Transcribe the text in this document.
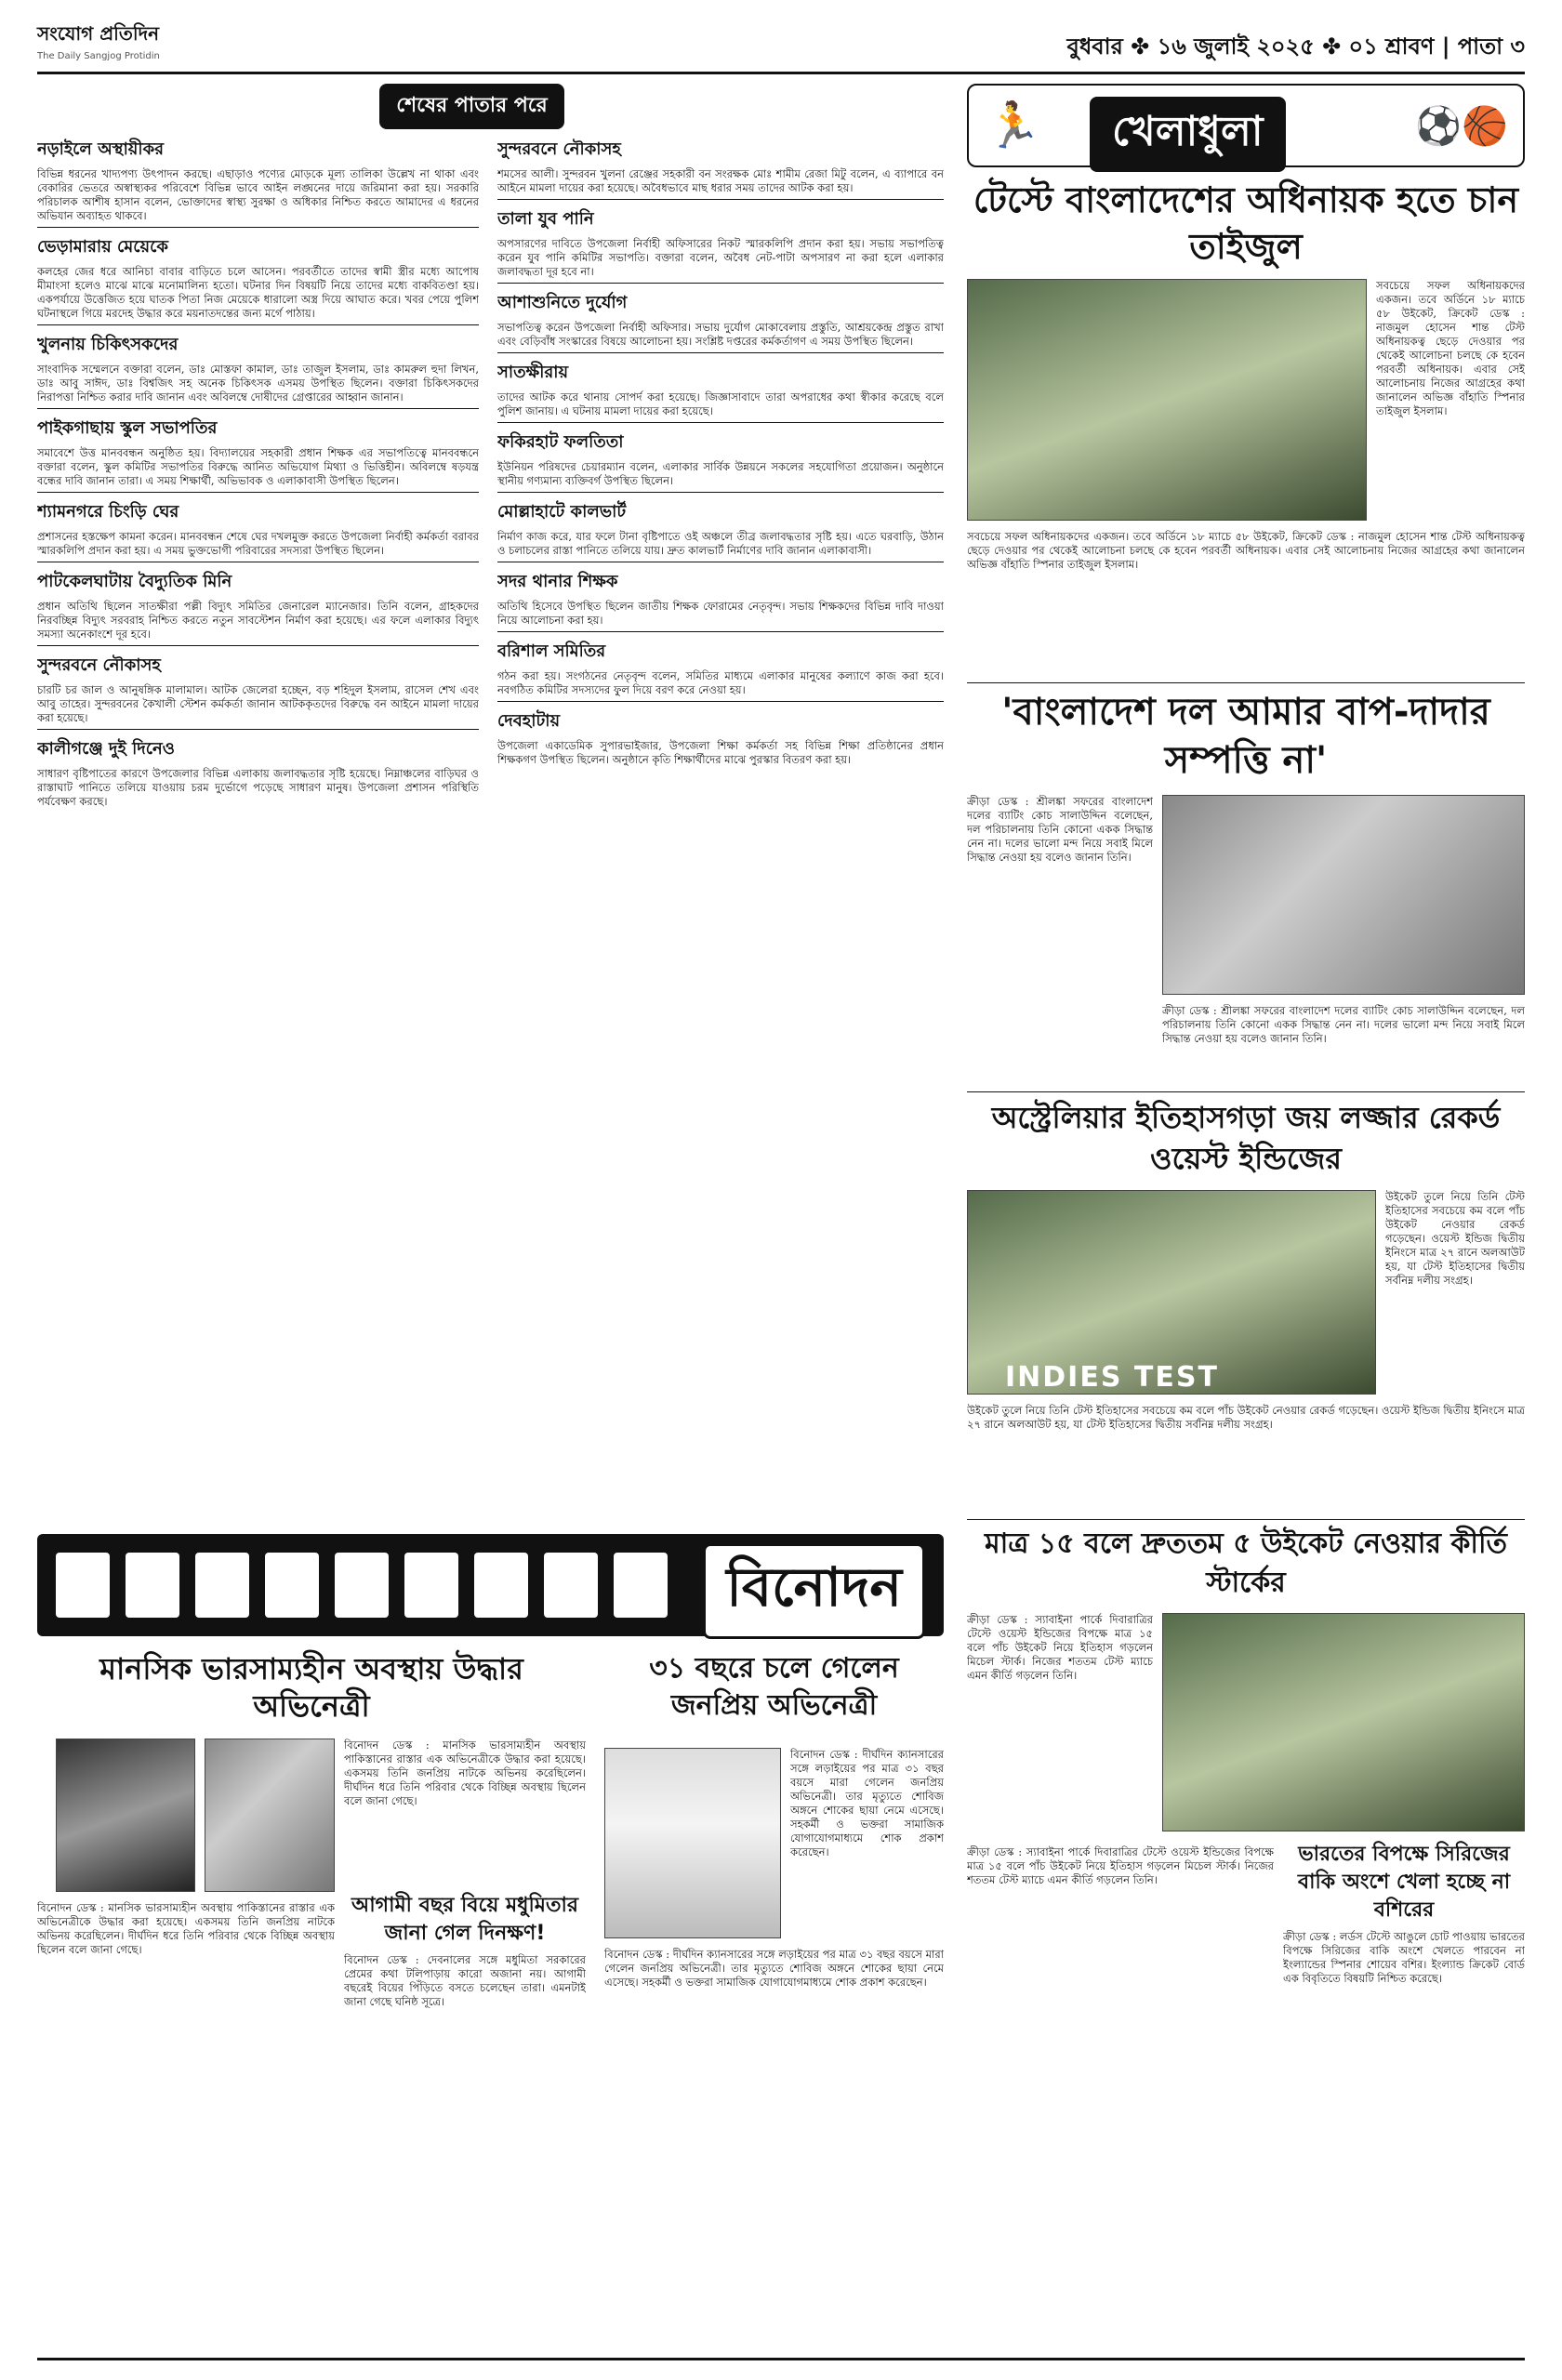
সংযোগ প্রতিদিন
The Daily Sangjog Protidin	বুধবার ✤ ১৬ জুলাই ২০২৫ ✤ ০১ শ্রাবণ | পাতা ৩
শেষের পাতার পরে
নড়াইলে অস্থায়ীকর
বিভিন্ন ধরনের খাদ্যপণ্য উৎপাদন করছে। এছাড়াও পণ্যের মোড়কে মূল্য তালিকা উল্লেখ না থাকা এবং বেকারির ভেতরে অস্বাস্থ্যকর পরিবেশে বিভিন্ন ভাবে আইন লঙ্ঘনের দায়ে জরিমানা করা হয়। সরকারি পরিচালক আশীষ হাসান বলেন, ভোক্তাদের স্বাস্থ্য সুরক্ষা ও অধিকার নিশ্চিত করতে আমাদের এ ধরনের অভিযান অব্যাহত থাকবে।
ভেড়ামারায় মেয়েকে
কলহের জের ধরে আনিচা বাবার বাড়িতে চলে আসেন। পরবর্তীতে তাদের স্বামী স্ত্রীর মধ্যে আপোষ মীমাংসা হলেও মাঝে মাঝে মনোমালিন্য হতো। ঘটনার দিন বিষয়টি নিয়ে তাদের মধ্যে বাকবিতণ্ডা হয়। একপর্যায়ে উত্তেজিত হয়ে ঘাতক পিতা নিজ মেয়েকে ধারালো অস্ত্র দিয়ে আঘাত করে। খবর পেয়ে পুলিশ ঘটনাস্থলে গিয়ে মরদেহ উদ্ধার করে ময়নাতদন্তের জন্য মর্গে পাঠায়।
খুলনায় চিকিৎসকদের
সাংবাদিক সম্মেলনে বক্তারা বলেন, ডাঃ মোস্তফা কামাল, ডাঃ তাজুল ইসলাম, ডাঃ কামরুল হুদা লিখন, ডাঃ আবু সাঈদ, ডাঃ বিশ্বজিৎ সহ অনেক চিকিৎসক এসময় উপস্থিত ছিলেন। বক্তারা চিকিৎসকদের নিরাপত্তা নিশ্চিত করার দাবি জানান এবং অবিলম্বে দোষীদের গ্রেপ্তারের আহ্বান জানান।
পাইকগাছায় স্কুল সভাপতির
সমাবেশে উত্ত মানববন্ধন অনুষ্ঠিত হয়। বিদ্যালয়ের সহকারী প্রধান শিক্ষক এর সভাপতিত্বে মানববন্ধনে বক্তারা বলেন, স্কুল কমিটির সভাপতির বিরুদ্ধে আনিত অভিযোগ মিথ্যা ও ভিত্তিহীন। অবিলম্বে ষড়যন্ত্র বন্ধের দাবি জানান তারা। এ সময় শিক্ষার্থী, অভিভাবক ও এলাকাবাসী উপস্থিত ছিলেন।
শ্যামনগরে চিংড়ি ঘের
প্রশাসনের হস্তক্ষেপ কামনা করেন। মানববন্ধন শেষে ঘের দখলমুক্ত করতে উপজেলা নির্বাহী কর্মকর্তা বরাবর স্মারকলিপি প্রদান করা হয়। এ সময় ভুক্তভোগী পরিবারের সদস্যরা উপস্থিত ছিলেন।
পাটকেলঘাটায় বৈদ্যুতিক মিনি
প্রধান অতিথি ছিলেন সাতক্ষীরা পল্লী বিদ্যুৎ সমিতির জেনারেল ম্যানেজার। তিনি বলেন, গ্রাহকদের নিরবচ্ছিন্ন বিদ্যুৎ সরবরাহ নিশ্চিত করতে নতুন সাবস্টেশন নির্মাণ করা হয়েছে। এর ফলে এলাকার বিদ্যুৎ সমস্যা অনেকাংশে দূর হবে।
সুন্দরবনে নৌকাসহ
চারটি চর জাল ও আনুষঙ্গিক মালামাল। আটক জেলেরা হচ্ছেন, বড় শহিদুল ইসলাম, রাসেল শেখ এবং আবু তাহের। সুন্দরবনের কৈখালী স্টেশন কর্মকর্তা জানান আটককৃতদের বিরুদ্ধে বন আইনে মামলা দায়ের করা হয়েছে।
কালীগঞ্জে দুই দিনেও
সাধারণ বৃষ্টিপাতের কারণে উপজেলার বিভিন্ন এলাকায় জলাবদ্ধতার সৃষ্টি হয়েছে। নিম্নাঞ্চলের বাড়িঘর ও রাস্তাঘাট পানিতে তলিয়ে যাওয়ায় চরম দুর্ভোগে পড়েছে সাধারণ মানুষ। উপজেলা প্রশাসন পরিস্থিতি পর্যবেক্ষণ করছে।
সুন্দরবনে নৌকাসহ
শমসের আলী। সুন্দরবন খুলনা রেঞ্জের সহকারী বন সংরক্ষক মোঃ শামীম রেজা মিটু বলেন, এ ব্যাপারে বন আইনে মামলা দায়ের করা হয়েছে। অবৈধভাবে মাছ ধরার সময় তাদের আটক করা হয়।
তালা যুব পানি
অপসারণের দাবিতে উপজেলা নির্বাহী অফিসারের নিকট স্মারকলিপি প্রদান করা হয়। সভায় সভাপতিত্ব করেন যুব পানি কমিটির সভাপতি। বক্তারা বলেন, অবৈধ নেট-পাটা অপসারণ না করা হলে এলাকার জলাবদ্ধতা দূর হবে না।
আশাশুনিতে দুর্যোগ
সভাপতিত্ব করেন উপজেলা নির্বাহী অফিসার। সভায় দুর্যোগ মোকাবেলায় প্রস্তুতি, আশ্রয়কেন্দ্র প্রস্তুত রাখা এবং বেড়িবাঁধ সংস্কারের বিষয়ে আলোচনা হয়। সংশ্লিষ্ট দপ্তরের কর্মকর্তাগণ এ সময় উপস্থিত ছিলেন।
সাতক্ষীরায়
তাদের আটক করে থানায় সোপর্দ করা হয়েছে। জিজ্ঞাসাবাদে তারা অপরাধের কথা স্বীকার করেছে বলে পুলিশ জানায়। এ ঘটনায় মামলা দায়ের করা হয়েছে।
ফকিরহাট ফলতিতা
ইউনিয়ন পরিষদের চেয়ারম্যান বলেন, এলাকার সার্বিক উন্নয়নে সকলের সহযোগিতা প্রয়োজন। অনুষ্ঠানে স্থানীয় গণ্যমান্য ব্যক্তিবর্গ উপস্থিত ছিলেন।
মোল্লাহাটে কালভার্ট
নির্মাণ কাজ করে, যার ফলে টানা বৃষ্টিপাতে ওই অঞ্চলে তীব্র জলাবদ্ধতার সৃষ্টি হয়। এতে ঘরবাড়ি, উঠান ও চলাচলের রাস্তা পানিতে তলিয়ে যায়। দ্রুত কালভার্ট নির্মাণের দাবি জানান এলাকাবাসী।
সদর থানার শিক্ষক
অতিথি হিসেবে উপস্থিত ছিলেন জাতীয় শিক্ষক ফোরামের নেতৃবৃন্দ। সভায় শিক্ষকদের বিভিন্ন দাবি দাওয়া নিয়ে আলোচনা করা হয়।
বরিশাল সমিতির
গঠন করা হয়। সংগঠনের নেতৃবৃন্দ বলেন, সমিতির মাধ্যমে এলাকার মানুষের কল্যাণে কাজ করা হবে। নবগঠিত কমিটির সদস্যদের ফুল দিয়ে বরণ করে নেওয়া হয়।
দেবহাটায়
উপজেলা একাডেমিক সুপারভাইজার, উপজেলা শিক্ষা কর্মকর্তা সহ বিভিন্ন শিক্ষা প্রতিষ্ঠানের প্রধান শিক্ষকগণ উপস্থিত ছিলেন। অনুষ্ঠানে কৃতি শিক্ষার্থীদের মাঝে পুরস্কার বিতরণ করা হয়।
বিনোদন
মানসিক ভারসাম্যহীন অবস্থায় উদ্ধার অভিনেত্রী
বিনোদন ডেস্ক : মানসিক ভারসাম্যহীন অবস্থায় পাকিস্তানের রাস্তার এক অভিনেত্রীকে উদ্ধার করা হয়েছে। একসময় তিনি জনপ্রিয় নাটকে অভিনয় করেছিলেন। দীর্ঘদিন ধরে তিনি পরিবার থেকে বিচ্ছিন্ন অবস্থায় ছিলেন বলে জানা গেছে।
বিনোদন ডেস্ক : মানসিক ভারসাম্যহীন অবস্থায় পাকিস্তানের রাস্তার এক অভিনেত্রীকে উদ্ধার করা হয়েছে। একসময় তিনি জনপ্রিয় নাটকে অভিনয় করেছিলেন। দীর্ঘদিন ধরে তিনি পরিবার থেকে বিচ্ছিন্ন অবস্থায় ছিলেন বলে জানা গেছে।
আগামী বছর বিয়ে মধুমিতার জানা গেল দিনক্ষণ!
বিনোদন ডেস্ক : দেবনালের সঙ্গে মধুমিতা সরকারের প্রেমের কথা টলিপাড়ায় কারো অজানা নয়। আগামী বছরেই বিয়ের পিঁড়িতে বসতে চলেছেন তারা। এমনটাই জানা গেছে ঘনিষ্ঠ সূত্রে।
৩১ বছরে চলে গেলেন জনপ্রিয় অভিনেত্রী
বিনোদন ডেস্ক : দীর্ঘদিন ক্যানসারের সঙ্গে লড়াইয়ের পর মাত্র ৩১ বছর বয়সে মারা গেলেন জনপ্রিয় অভিনেত্রী। তার মৃত্যুতে শোবিজ অঙ্গনে শোকের ছায়া নেমে এসেছে। সহকর্মী ও ভক্তরা সামাজিক যোগাযোগমাধ্যমে শোক প্রকাশ করেছেন।
বিনোদন ডেস্ক : দীর্ঘদিন ক্যানসারের সঙ্গে লড়াইয়ের পর মাত্র ৩১ বছর বয়সে মারা গেলেন জনপ্রিয় অভিনেত্রী। তার মৃত্যুতে শোবিজ অঙ্গনে শোকের ছায়া নেমে এসেছে। সহকর্মী ও ভক্তরা সামাজিক যোগাযোগমাধ্যমে শোক প্রকাশ করেছেন।
🏃	খেলাধুলা	⚽🏀
টেস্টে বাংলাদেশের অধিনায়ক হতে চান তাইজুল
সবচেয়ে সফল অধিনায়কদের একজন। তবে অর্ডিনে ১৮ ম্যাচে ৫৮ উইকেট, ক্রিকেট ডেস্ক : নাজমুল হোসেন শান্ত টেস্ট অধিনায়কত্ব ছেড়ে দেওয়ার পর থেকেই আলোচনা চলছে কে হবেন পরবর্তী অধিনায়ক। এবার সেই আলোচনায় নিজের আগ্রহের কথা জানালেন অভিজ্ঞ বাঁহাতি স্পিনার তাইজুল ইসলাম।
সবচেয়ে সফল অধিনায়কদের একজন। তবে অর্ডিনে ১৮ ম্যাচে ৫৮ উইকেট, ক্রিকেট ডেস্ক : নাজমুল হোসেন শান্ত টেস্ট অধিনায়কত্ব ছেড়ে দেওয়ার পর থেকেই আলোচনা চলছে কে হবেন পরবর্তী অধিনায়ক। এবার সেই আলোচনায় নিজের আগ্রহের কথা জানালেন অভিজ্ঞ বাঁহাতি স্পিনার তাইজুল ইসলাম।
'বাংলাদেশ দল আমার বাপ-দাদার সম্পত্তি না'
ক্রীড়া ডেস্ক : শ্রীলঙ্কা সফরের বাংলাদেশ দলের ব্যাটিং কোচ সালাউদ্দিন বলেছেন, দল পরিচালনায় তিনি কোনো একক সিদ্ধান্ত নেন না। দলের ভালো মন্দ নিয়ে সবাই মিলে সিদ্ধান্ত নেওয়া হয় বলেও জানান তিনি।
ক্রীড়া ডেস্ক : শ্রীলঙ্কা সফরের বাংলাদেশ দলের ব্যাটিং কোচ সালাউদ্দিন বলেছেন, দল পরিচালনায় তিনি কোনো একক সিদ্ধান্ত নেন না। দলের ভালো মন্দ নিয়ে সবাই মিলে সিদ্ধান্ত নেওয়া হয় বলেও জানান তিনি।
অস্ট্রেলিয়ার ইতিহাসগড়া জয় লজ্জার রেকর্ড ওয়েস্ট ইন্ডিজের
INDIES TEST
উইকেট তুলে নিয়ে তিনি টেস্ট ইতিহাসের সবচেয়ে কম বলে পাঁচ উইকেট নেওয়ার রেকর্ড গড়েছেন। ওয়েস্ট ইন্ডিজ দ্বিতীয় ইনিংসে মাত্র ২৭ রানে অলআউট হয়, যা টেস্ট ইতিহাসের দ্বিতীয় সর্বনিম্ন দলীয় সংগ্রহ।
উইকেট তুলে নিয়ে তিনি টেস্ট ইতিহাসের সবচেয়ে কম বলে পাঁচ উইকেট নেওয়ার রেকর্ড গড়েছেন। ওয়েস্ট ইন্ডিজ দ্বিতীয় ইনিংসে মাত্র ২৭ রানে অলআউট হয়, যা টেস্ট ইতিহাসের দ্বিতীয় সর্বনিম্ন দলীয় সংগ্রহ।
মাত্র ১৫ বলে দ্রুততম ৫ উইকেট নেওয়ার কীর্তি স্টার্কের
ক্রীড়া ডেস্ক : স্যাবাইনা পার্কে দিবারাত্রির টেস্টে ওয়েস্ট ইন্ডিজের বিপক্ষে মাত্র ১৫ বলে পাঁচ উইকেট নিয়ে ইতিহাস গড়লেন মিচেল স্টার্ক। নিজের শততম টেস্ট ম্যাচে এমন কীর্তি গড়লেন তিনি।
ক্রীড়া ডেস্ক : স্যাবাইনা পার্কে দিবারাত্রির টেস্টে ওয়েস্ট ইন্ডিজের বিপক্ষে মাত্র ১৫ বলে পাঁচ উইকেট নিয়ে ইতিহাস গড়লেন মিচেল স্টার্ক। নিজের শততম টেস্ট ম্যাচে এমন কীর্তি গড়লেন তিনি।
ভারতের বিপক্ষে সিরিজের বাকি অংশে খেলা হচ্ছে না বশিরের
ক্রীড়া ডেস্ক : লর্ডস টেস্টে আঙুলে চোট পাওয়ায় ভারতের বিপক্ষে সিরিজের বাকি অংশে খেলতে পারবেন না ইংল্যান্ডের স্পিনার শোয়েব বশির। ইংল্যান্ড ক্রিকেট বোর্ড এক বিবৃতিতে বিষয়টি নিশ্চিত করেছে।
